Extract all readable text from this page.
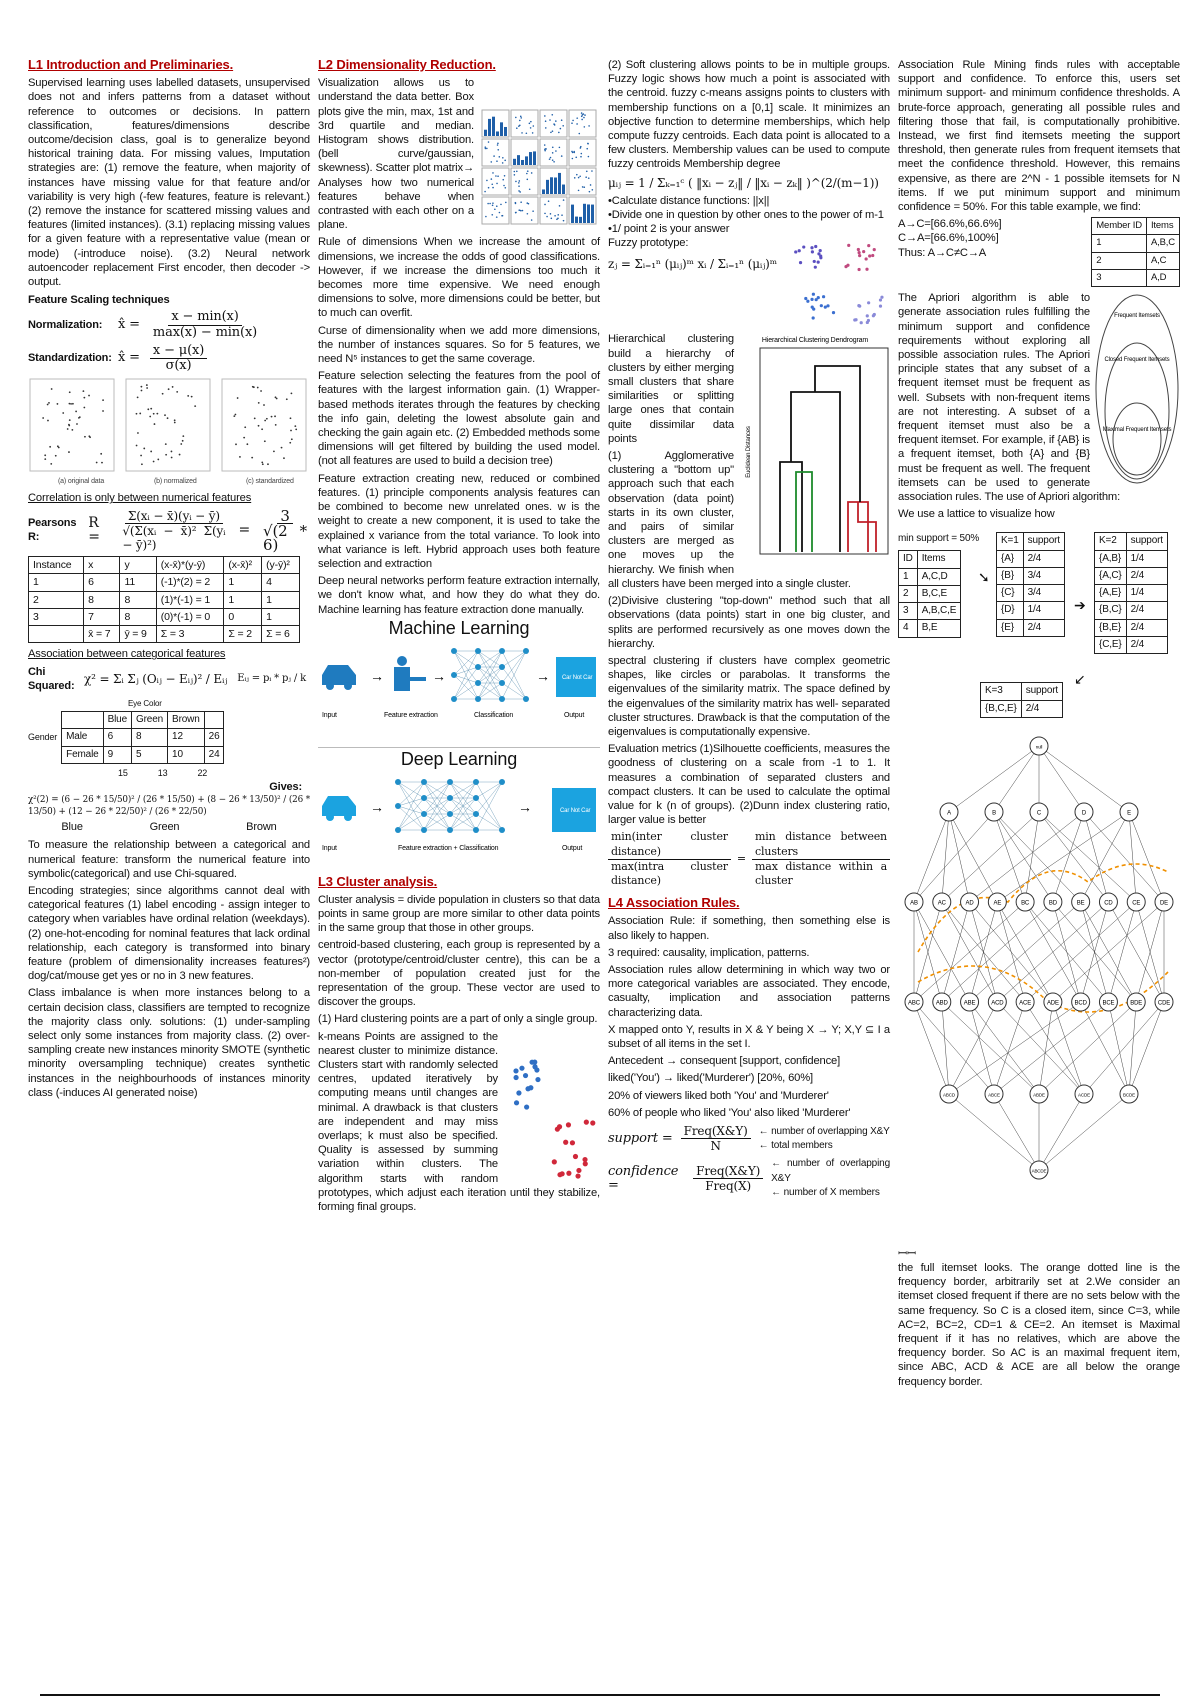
L1 Introduction and Preliminaries.

Supervised learning uses labelled datasets, unsupervised does not and infers patterns from a dataset without reference to outcomes or decisions. In pattern classification, features/dimensions describe outcome/decision class, goal is to generalize beyond historical training data. For missing values, Imputation strategies are: (1) remove the feature, when majority of instances have missing value for that feature and/or variability is very high (-few features, feature is relevant.) (2) remove the instance for scattered missing values and features (limited instances). (3.1) replacing missing values for a given feature with a representative value (mean or mode) (-introduce noise). (3.2) Neural network autoencoder replacement First encoder, then decoder -> output.

Feature Scaling techniques

Normalization:	x̂ = $\frac{x - \min(x)}{\max(x) - \min(x)}$
Standardization: x̂ = $\frac{x - \mu(x)}{\sigma(x)}$
(a) original data	(b) normalized	(c) standardized

Correlation is only between numerical features

Pearsons R:
R =	$\frac{\text{Σ(xᵢ − x̄)(yᵢ − ȳ)}}{\text{√(Σ(xᵢ − x̄)² Σ(yᵢ − ȳ)²)}} = \frac{3}{√(2 * 6)}$
Instance	x	y	(x-x̄)*(y-ȳ)	(x-x̄)²	(y-ȳ)²
1	6	11	(-1)*(2) = 2	1	4
2	8	8	(1)*(-1) = 1	1	1
3	7	8	(0)*(-1) = 0	0	1
	x̄ = 7	ȳ = 9	Σ = 3	Σ = 2	Σ = 6

Association between categorical features

Chi Squared:
χ² = Σᵢ Σⱼ (Oᵢⱼ − Eᵢⱼ)² / Eᵢⱼ Eᵢⱼ = pᵢ * pⱼ / k
Eye Color
Gender
	Blue	Green	Brown	
Male	6	8	12	26
Female	9	5	10	24
15	13	22
Gives:
χ²(2) = (6 − 26 * 15/50)² / (26 * 15/50) + (8 − 26 * 13/50)² / (26 * 13/50) + (12 − 26 * 22/50)² / (26 * 22/50)
Blue	Green	Brown

To measure the relationship between a categorical and numerical feature: transform the numerical feature into symbolic(categorical) and use Chi-squared.

Encoding strategies; since algorithms cannot deal with categorical features (1) label encoding - assign integer to category when variables have ordinal relation (weekdays). (2) one-hot-encoding for nominal features that lack ordinal relationship, each category is transformed into binary feature (problem of dimensionality increases features²) dog/cat/mouse get yes or no in 3 new features.

Class imbalance is when more instances belong to a certain decision class, classifiers are tempted to recognize the majority class only. solutions: (1) under-sampling select only some instances from majority class. (2) over-sampling create new instances minority SMOTE (synthetic minority oversampling technique) creates synthetic instances in the neighbourhoods of instances minority class (-induces AI generated noise)

L2 Dimensionality Reduction.

Visualization allows us to understand the data better. Box plots give the min, max, 1st and 3rd quartile and median. Histogram shows distribution. (bell curve/gaussian, skewness). Scatter plot matrix→ Analyses how two numerical features behave when contrasted with each other on a plane.

Rule of dimensions When we increase the amount of dimensions, we increase the odds of good classifications. However, if we increase the dimensions too much it becomes more time expensive. We need enough dimensions to solve, more dimensions could be better, but to much can overfit.

Curse of dimensionality when we add more dimensions, the number of instances squares. So for 5 features, we need N⁵ instances to get the same coverage.

Feature selection selecting the features from the pool of features with the largest information gain. (1) Wrapper-based methods iterates through the features by checking the info gain, deleting the lowest absolute gain and checking the gain again etc. (2) Embedded methods some dimensions will get filtered by building the used model. (not all features are used to build a decision tree)

Feature extraction creating new, reduced or combined features. (1) principle components analysis features can be combined to become new unrelated ones. w is the weight to create a new component, it is used to take the explained x variance from the total variance. To look into what variance is left. Hybrid approach uses both feature selection and extraction

Deep neural networks perform feature extraction internally, we don't know what, and how they do what they do. Machine learning has feature extraction done manually.

Machine Learning
→	→	→ Car Not Car
Input	Feature extraction	Classification	Output
Deep Learning
→	→	Car Not Car
Input	Feature extraction + Classification	Output
L3 Cluster analysis.

Cluster analysis = divide population in clusters so that data points in same group are more similar to other data points in the same group that those in other groups.

centroid-based clustering, each group is represented by a vector (prototype/centroid/cluster centre), this can be a non-member of population created just for the representation of the group. These vector are used to discover the groups.

(1) Hard clustering points are a part of only a single group.

k-means Points are assigned to the nearest cluster to minimize distance. Clusters start with randomly selected centres, updated iteratively by computing means until changes are minimal. A drawback is that clusters are independent and may miss overlaps; k must also be specified. Quality is assessed by summing variation within clusters. The algorithm starts with random prototypes, which adjust each iteration until they stabilize, forming final groups.

(2) Soft clustering allows points to be in multiple groups. Fuzzy logic shows how much a point is associated with the centroid. fuzzy c-means assigns points to clusters with membership functions on a [0,1] scale. It minimizes an objective function to determine memberships, which help compute fuzzy centroids. Each data point is allocated to a few clusters. Membership values can be used to compute fuzzy centroids Membership degree

μᵢⱼ = 1 / Σₖ₌₁ᶜ ( ‖xᵢ − zⱼ‖ / ‖xᵢ − zₖ‖ )^(2/(m−1))

•Calculate distance functions: ||x||

•Divide one in question by other ones to the power of m-1

•1/ point 2 is your answer

Fuzzy prototype:

zⱼ = Σᵢ₌₁ⁿ (μᵢⱼ)ᵐ xᵢ / Σᵢ₌₁ⁿ (μᵢⱼ)ᵐ
Hierarchical Clustering Dendrogram
Euclidean Distances

Hierarchical clustering build a hierarchy of clusters by either merging small clusters that share similarities or splitting large ones that contain quite dissimilar data points

(1) Agglomerative clustering a "bottom up" approach such that each observation (data point) starts in its own cluster, and pairs of similar clusters are merged as one moves up the hierarchy. We finish when all clusters have been merged into a single cluster.

(2)Divisive clustering "top-down" method such that all observations (data points) start in one big cluster, and splits are performed recursively as one moves down the hierarchy.

spectral clustering if clusters have complex geometric shapes, like circles or parabolas. It transforms the eigenvalues of the similarity matrix. The space defined by the eigenvalues of the similarity matrix has well- separated cluster structures. Drawback is that the computation of the eigenvalues is computationally expensive.

Evaluation metrics (1)Silhouette coefficients, measures the goodness of clustering on a scale from -1 to 1. It measures a combination of separated clusters and compact clusters. It can be used to calculate the optimal value for k (n of groups). (2)Dunn index clustering ratio, larger value is better

$\frac{\text{min(inter cluster distance)}}{\text{max(intra cluster distance)}} = \frac{\text{min distance between clusters}}{\text{max distance within a cluster}}$
L4 Association Rules.

Association Rule: if something, then something else is also likely to happen.

3 required: causality, implication, patterns.

Association rules allow determining in which way two or more categorical variables are associated. They encode, casualty, implication and association patterns characterizing data.

X mapped onto Y, results in X & Y being X → Y; X,Y ⊆ I a subset of all items in the set I.

Antecedent → consequent [support, confidence]

liked('You') → liked('Murderer') [20%, 60%]

20% of viewers liked both 'You' and 'Murderer'

60% of people who liked 'You' also liked 'Murderer'

support = $\frac{\text{Freq(X\&Y)}}{N}$ ← number of overlapping X&Y
← total members
confidence =	$\frac{\text{Freq(X\&Y)}}{\text{Freq(X)}}$
← number of overlapping X&Y
← number of X members

Association Rule Mining finds rules with acceptable support and confidence. To enforce this, users set minimum support- and minimum confidence thresholds. A brute-force approach, generating all possible rules and filtering those that fail, is computationally prohibitive. Instead, we first find itemsets meeting the support threshold, then generate rules from frequent itemsets that meet the confidence threshold. However, this remains expensive, as there are 2^N - 1 possible itemsets for N items. If we put minimum support and minimum confidence = 50%. For this table example, we find:

A→C=[66.6%,66.6%]

C→A=[66.6%,100%]

Thus: A→C≠C→A

Member ID	Items
1	A,B,C
2	A,C
3	A,D
Frequent Itemsets
Closed Frequent Itemsets
Maximal Frequent Itemsets

The Apriori algorithm is able to generate association rules fulfilling the minimum support and confidence requirements without exploring all possible association rules. The Apriori principle states that any subset of a frequent itemset must be frequent as well. Subsets with non-frequent items are not interesting. A subset of a frequent itemset must also be a frequent itemset. For example, if {AB} is a frequent itemset, both {A} and {B} must be frequent as well. The frequent itemsets can be used to generate association rules. The use of Apriori algorithm:

We use a lattice to visualize how

min support = 50%
ID	Items
1	A,C,D
2	B,C,E
3	A,B,C,E
4	B,E
K=1	support
{A}	2/4
{B}	3/4
{C}	3/4
{D}	1/4
{E}	2/4
K=2	support
{A,B}	1/4
{A,C}	2/4
{A,E}	1/4
{B,C}	2/4
{B,E}	2/4
{C,E}	2/4
K=3	support
{B,C,E}	2/4
➘
➔
↙
null
A	B	C	D	E
AB	AC	AD	AE	BC	BD	BE	CD	CE	DE
ABC	ABD	ABE	ACD	ACE	ADE	BCD	BCE	BDE	CDE
ABCD	ABCE	ABDE	ACDE	BCDE
ABCDE
ꟷꟷ

the full itemset looks. The orange dotted line is the frequency border, arbitrarily set at 2.We consider an itemset closed frequent if there are no sets below with the same frequency. So C is a closed item, since C=3, while AC=2, BC=2, CD=1 & CE=2. An itemset is Maximal frequent if it has no relatives, which are above the frequency border. So AC is an maximal frequent item, since ABC, ACD & ACE are all below the orange frequency border.
